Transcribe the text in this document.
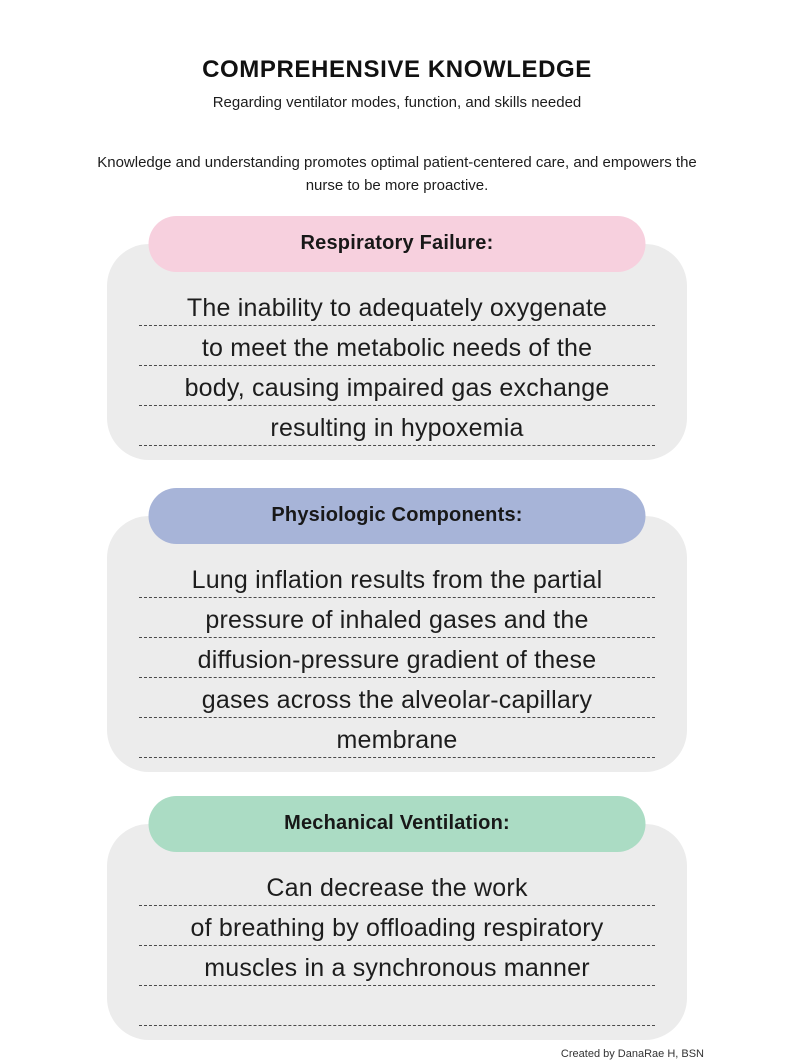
COMPREHENSIVE KNOWLEDGE
Regarding ventilator modes, function, and skills needed

Knowledge and understanding promotes optimal patient-centered care, and empowers the nurse to be more proactive.

Respiratory Failure:
The inability to adequately oxygenate
to meet the metabolic needs of the
body, causing impaired gas exchange
resulting in hypoxemia
Physiologic Components:
Lung inflation results from the partial
pressure of inhaled gases and the
diffusion-pressure gradient of these
gases across the alveolar-capillary
membrane
Mechanical Ventilation:
Can decrease the work
of breathing by offloading respiratory
muscles in a synchronous manner
Created by DanaRae H, BSN
